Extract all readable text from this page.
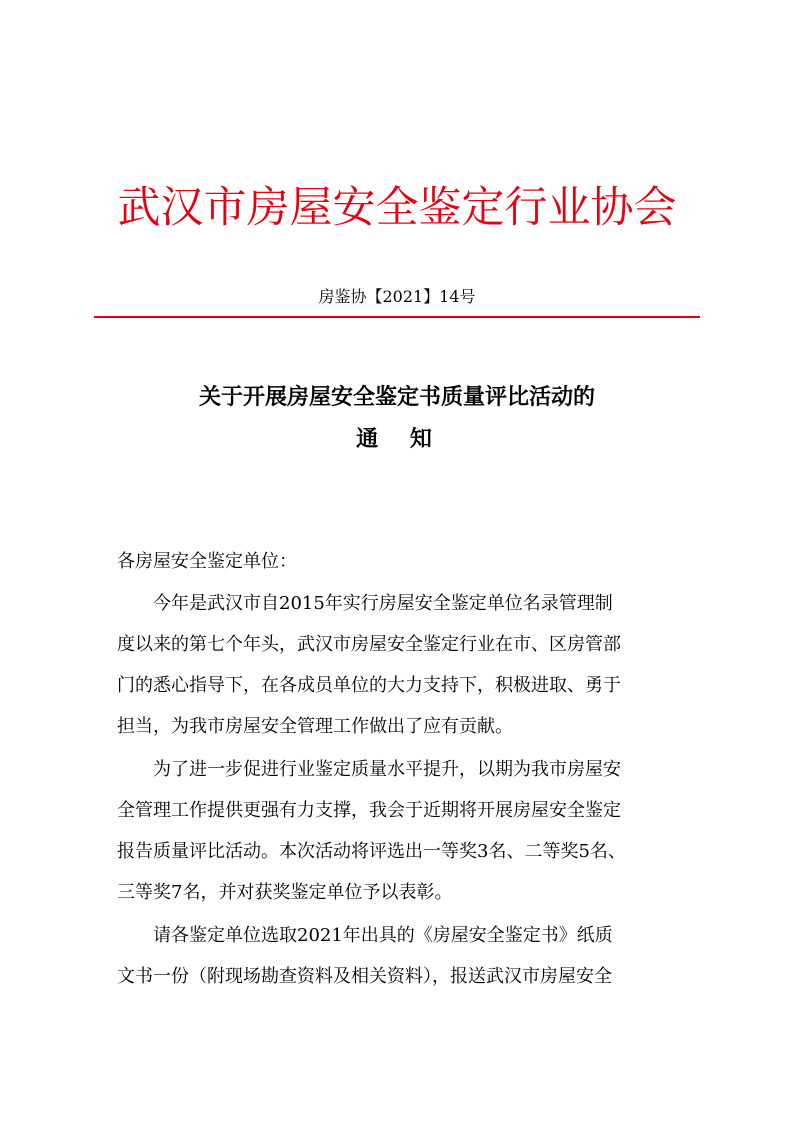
武汉市房屋安全鉴定行业协会
房鉴协【2021】14号
关于开展房屋安全鉴定书质量评比活动的
通 知
各房屋安全鉴定单位：
　　今年是武汉市自2015年实行房屋安全鉴定单位名录管理制
度以来的第七个年头，武汉市房屋安全鉴定行业在市、区房管部
门的悉心指导下，在各成员单位的大力支持下，积极进取、勇于
担当，为我市房屋安全管理工作做出了应有贡献。
　　为了进一步促进行业鉴定质量水平提升，以期为我市房屋安
全管理工作提供更强有力支撑，我会于近期将开展房屋安全鉴定
报告质量评比活动。本次活动将评选出一等奖3名、二等奖5名、
三等奖7名，并对获奖鉴定单位予以表彰。
　　请各鉴定单位选取2021年出具的《房屋安全鉴定书》纸质
文书一份（附现场勘查资料及相关资料），报送武汉市房屋安全
